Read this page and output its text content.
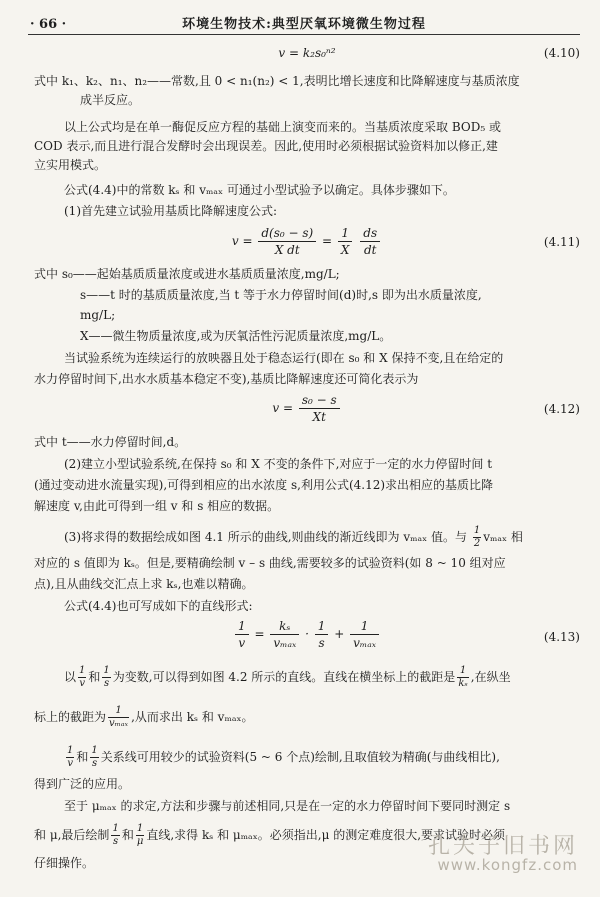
· 66 ·	环境生物技术:典型厌氧环境微生物过程
v = k₂s₀ⁿ²	(4.10)
式中 k₁、k₂、n₁、n₂——常数,且 0 < n₁(n₂) < 1,表明比增长速度和比降解速度与基质浓度
成半反应。
以上公式均是在单一酶促反应方程的基础上演变而来的。当基质浓度采取 BOD₅ 或
COD 表示,而且进行混合发酵时会出现误差。因此,使用时必须根据试验资料加以修正,建
立实用模式。
公式(4.4)中的常数 kₛ 和 vₘₐₓ 可通过小型试验予以确定。具体步骤如下。
(1)首先建立试验用基质比降解速度公式:
$v = \frac{\text{d(s₀ − s)}}{\text{X dt}} = \frac{1}{X}$
$\frac{ds}{dt}$	(4.11)
式中 s₀——起始基质质量浓度或进水基质质量浓度,mg/L;
s——t 时的基质质量浓度,当 t 等于水力停留时间(d)时,s 即为出水质量浓度,
mg/L;
X——微生物质量浓度,或为厌氧活性污泥质量浓度,mg/L。
当试验系统为连续运行的放映器且处于稳态运行(即在 s₀ 和 X 保持不变,且在给定的
水力停留时间下,出水水质基本稳定不变),基质比降解速度还可简化表示为
$v = \frac{\text{s₀ − s}}{Xt}$	(4.12)
式中 t——水力停留时间,d。
(2)建立小型试验系统,在保持 s₀ 和 X 不变的条件下,对应于一定的水力停留时间 t
(通过变动进水流量实现),可得到相应的出水浓度 s,利用公式(4.12)求出相应的基质比降
解速度 v,由此可得到一组 v 和 s 相应的数据。
(3)将求得的数据绘成如图 4.1 所示的曲线,则曲线的渐近线即为 vₘₐₓ 值。与 $\frac{1}{2}$ vₘₐₓ 相
对应的 s 值即为 kₛ。但是,要精确绘制 v – s 曲线,需要较多的试验资料(如 8 ~ 10 组对应
点),且从曲线交汇点上求 kₛ,也难以精确。
公式(4.4)也可写成如下的直线形式:
$\frac{1}{v} = \frac{\text{kₛ}}{\text{vₘₐₓ}} \cdot \frac{1}{s} + \frac{1}{\text{vₘₐₓ}}$	(4.13)
以 $\frac{1}{v}$ 和 $\frac{1}{s}$ 为变数,可以得到如图 4.2 所示的直线。直线在横坐标上的截距是 $\frac{1}{\text{kₛ}}$ ,在纵坐
标上的截距为 $\frac{1}{\text{vₘₐₓ}}$ ,从而求出 kₛ 和 vₘₐₓ。
$\frac{1}{v}$ 和 $\frac{1}{s}$ 关系线可用较少的试验资料(5 ~ 6 个点)绘制,且取值较为精确(与曲线相比),
得到广泛的应用。
至于 μₘₐₓ 的求定,方法和步骤与前述相同,只是在一定的水力停留时间下要同时测定 s
和 μ,最后绘制 $\frac{1}{s}$ 和 $\frac{1}{\mu}$ 直线,求得 kₛ 和 μₘₐₓ。必须指出,μ 的测定难度很大,要求试验时必须
仔细操作。
孔夫子旧书网
www.kongfz.com
